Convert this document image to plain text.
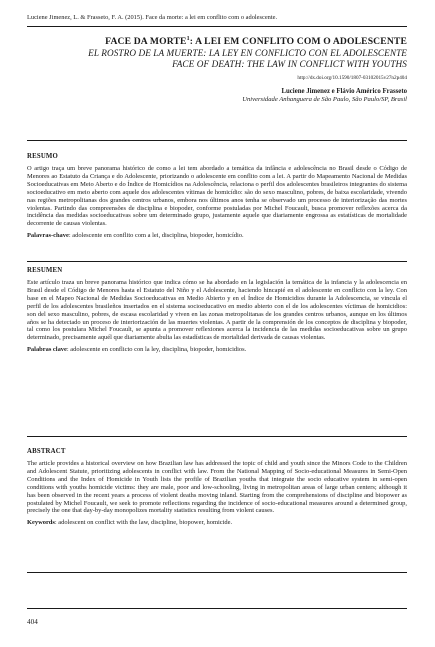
Luciene Jimenez, L. & Frasseto, F. A. (2015). Face da morte: a lei em conflito com o adolescente.
FACE DA MORTE$^1$: A LEI EM CONFLITO COM O ADOLESCENTE
EL ROSTRO DE LA MUERTE: LA LEY EN CONFLICTO CON EL ADOLESCENTE
FACE OF DEATH: THE LAW IN CONFLICT WITH YOUTHS
http://dx.doi.org/10.1590/1807-03102015v27n2p404
Luciene Jimenez e Flávio Américo Frasseto
Universidade Anhanguera de São Paulo, São Paulo/SP, Brasil
RESUMO

O artigo traça um breve panorama histórico de como a lei tem abordado a temática da infância e adolescência no Brasil desde o Código de Menores ao Estatuto da Criança e do Adolescente, priorizando o adolescente em conflito com a lei. A partir do Mapeamento Nacional de Medidas Socioeducativas em Meio Aberto e do Índice de Homicídios na Adolescência, relaciona o perfil dos adolescentes brasileiros integrantes do sistema socioeducativo em meio aberto com aquele dos adolescentes vítimas de homicídio: são do sexo masculino, pobres, de baixa escolaridade, vivendo nas regiões metropolitanas dos grandes centros urbanos, embora nos últimos anos tenha se observado um processo de interiorização das mortes violentas. Partindo das compreensões de disciplina e biopoder, conforme postuladas por Michel Foucault, busca promover reflexões acerca da incidência das medidas socioeducativas sobre um determinado grupo, justamente aquele que diariamente engrossa as estatísticas de mortalidade decorrente de causas violentas.

Palavras-chave: adolescente em conflito com a lei, disciplina, biopoder, homicídio.
RESUMEN

Este artículo traza un breve panorama histórico que indica cómo se ha abordado en la legislación la temática de la infancia y la adolescencia en Brasil desde el Código de Menores hasta el Estatuto del Niño y el Adolescente, haciendo hincapié en el adolescente en conflicto con la ley. Con base en el Mapeo Nacional de Medidas Socioeducativas en Medio Abierto y en el Índice de Homicidios durante la Adolescencia, se vincula el perfil de los adolescentes brasileños insertados en el sistema socioeducativo en medio abierto con el de los adolescentes víctimas de homicidios: son del sexo masculino, pobres, de escasa escolaridad y viven en las zonas metropolitanas de los grandes centros urbanos, aunque en los últimos años se ha detectado un proceso de interiorización de las muertes violentas. A partir de la comprensión de los conceptos de disciplina y biopoder, tal como los postulara Michel Foucault, se apunta a promover reflexiones acerca la incidencia de las medidas socioeducativas sobre un grupo determinado, precisamente aquél que diariamente abulta las estadísticas de mortalidad derivada de causas violentas.

Palabras clave: adolescente en conflicto con la ley, disciplina, biopoder, homicidios.
ABSTRACT

The article provides a historical overview on how Brazilian law has addressed the topic of child and youth since the Minors Code to the Children and Adolescent Statute, prioritizing adolescents in conflict with law. From the National Mapping of Socio-educational Measures in Semi-Open Conditions and the Index of Homicide in Youth lists the profile of Brazilian youths that integrate the socio educative system in semi-open conditions with youths homicide victims: they are male, poor and low-schooling, living in metropolitan areas of large urban centers; although it has been observed in the recent years a process of violent deaths moving inland. Starting from the comprehensions of discipline and biopower as postulated by Michel Foucault, we seek to promote reflections regarding the incidence of socio-educational measures around a determined group, precisely the one that day-by-day monopolizes mortality statistics resulting from violent causes.

Keywords: adolescent on conflict with the law, discipline, biopower, homicide.
404
